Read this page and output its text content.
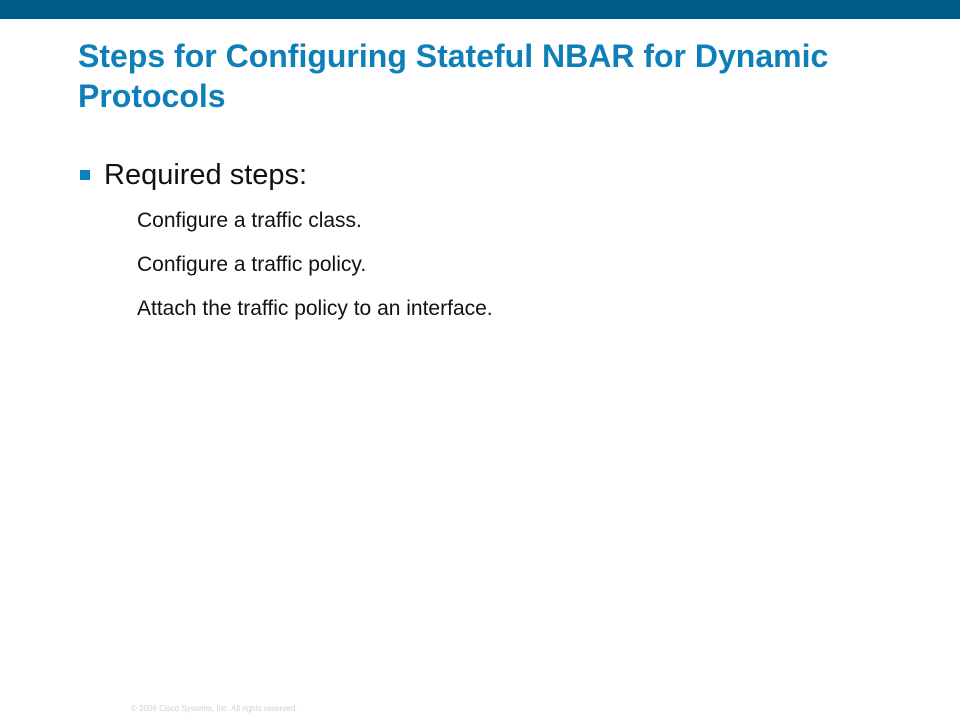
Steps for Configuring Stateful NBAR for Dynamic Protocols
Required steps:
Configure a traffic class.
Configure a traffic policy.
Attach the traffic policy to an interface.
© 2006 Cisco Systems, Inc. All rights reserved.
